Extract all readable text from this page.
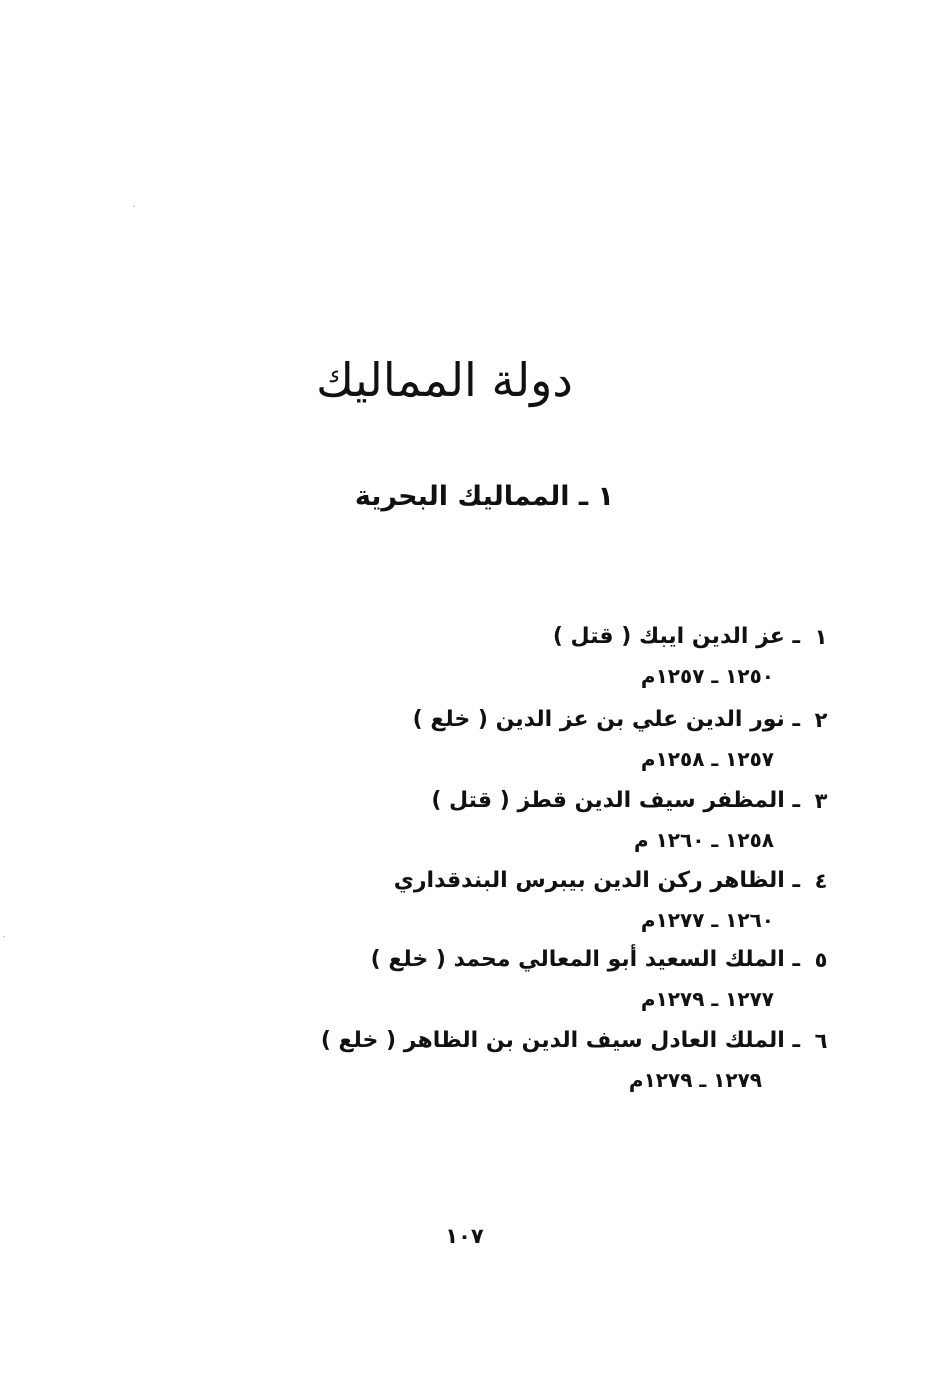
دولة المماليك
١ ـ المماليك البحرية
١
ـ عز الدين ايبك ( قتل )
١٢٥٠ ـ ١٢٥٧م
٢
ـ نور الدين علي بن عز الدين ( خلع )
١٢٥٧ ـ ١٢٥٨م
٣
ـ المظفر سيف الدين قطز ( قتل )
١٢٥٨ ـ ١٢٦٠ م
٤
ـ الظاهر ركن الدين بيبرس البندقداري
١٢٦٠ ـ ١٢٧٧م
٥
ـ الملك السعيد أبو المعالي محمد ( خلع )
١٢٧٧ ـ ١٢٧٩م
٦
ـ الملك العادل سيف الدين بن الظاهر ( خلع )
١٢٧٩ ـ ١٢٧٩م
١٠٧
